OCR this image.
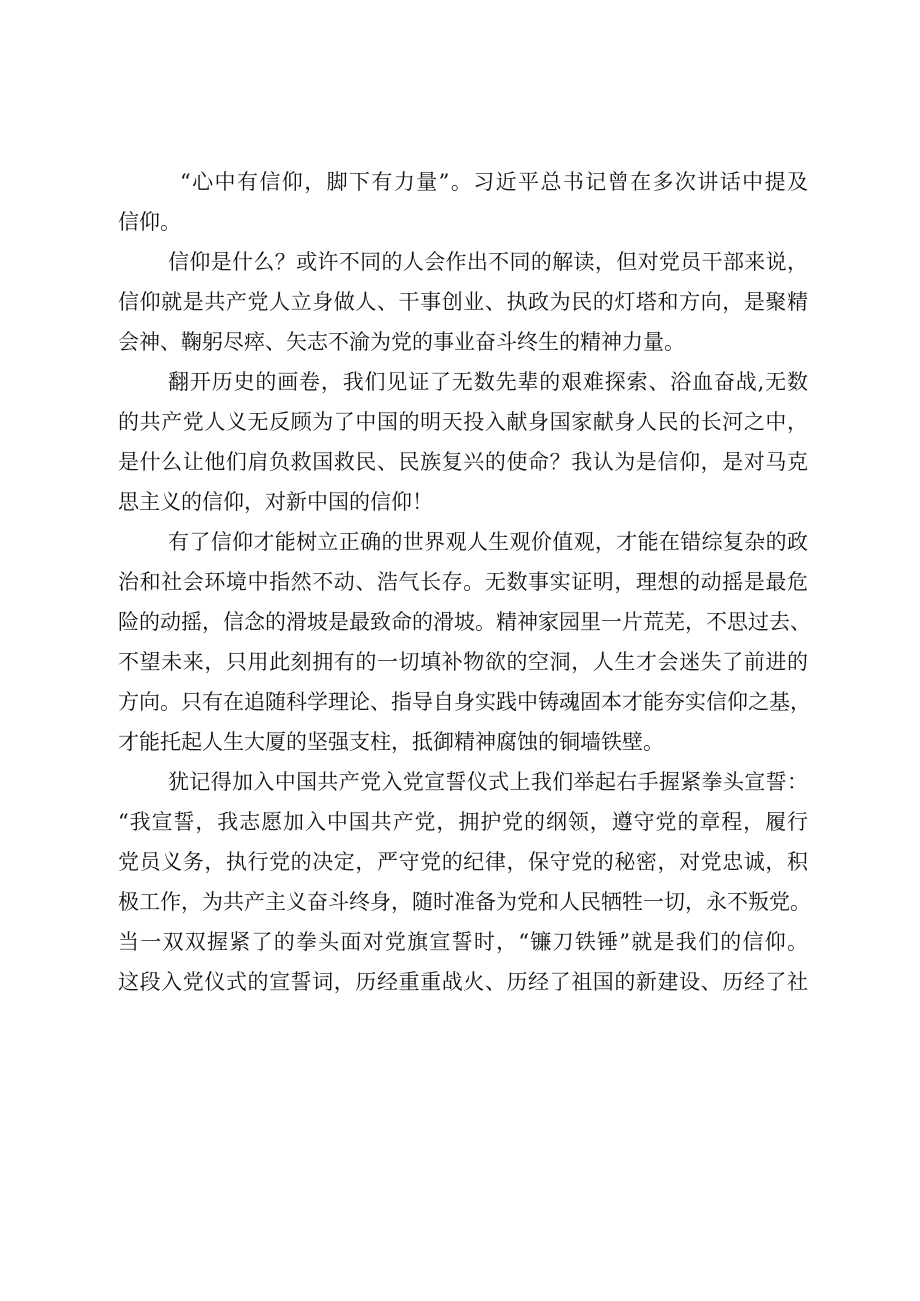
“心中有信仰，脚下有力量”。习近平总书记曾在多次讲话中提及
信仰。
信仰是什么？或许不同的人会作出不同的解读，但对党员干部来说，
信仰就是共产党人立身做人、干事创业、执政为民的灯塔和方向，是聚精
会神、鞠躬尽瘁、矢志不渝为党的事业奋斗终生的精神力量。
翻开历史的画卷，我们见证了无数先辈的艰难探索、浴血奋战,无数
的共产党人义无反顾为了中国的明天投入献身国家献身人民的长河之中，
是什么让他们肩负救国救民、民族复兴的使命？我认为是信仰，是对马克
思主义的信仰，对新中国的信仰！
有了信仰才能树立正确的世界观人生观价值观，才能在错综复杂的政
治和社会环境中指然不动、浩气长存。无数事实证明，理想的动摇是最危
险的动摇，信念的滑坡是最致命的滑坡。精神家园里一片荒芜，不思过去、
不望未来，只用此刻拥有的一切填补物欲的空洞，人生才会迷失了前进的
方向。只有在追随科学理论、指导自身实践中铸魂固本才能夯实信仰之基，
才能托起人生大厦的坚强支柱，抵御精神腐蚀的铜墙铁壁。
犹记得加入中国共产党入党宣誓仪式上我们举起右手握紧拳头宣誓：
“我宣誓，我志愿加入中国共产党，拥护党的纲领，遵守党的章程，履行
党员义务，执行党的决定，严守党的纪律，保守党的秘密，对党忠诚，积
极工作，为共产主义奋斗终身，随时准备为党和人民牺牲一切，永不叛党。
当一双双握紧了的拳头面对党旗宣誓时，“镰刀铁锤”就是我们的信仰。
这段入党仪式的宣誓词，历经重重战火、历经了祖国的新建设、历经了社
